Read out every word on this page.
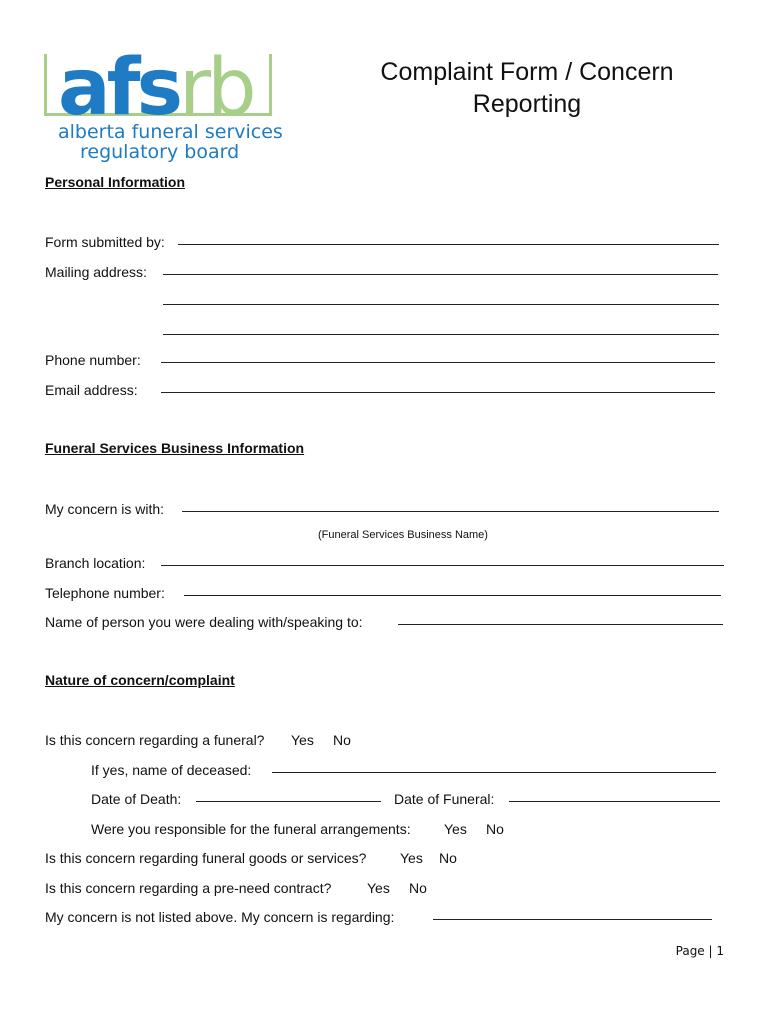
afsrb
alberta funeral services
regulatory board
Complaint Form / Concern Reporting
Personal Information
Form submitted by:
Mailing address:
Phone number:
Email address:
Funeral Services Business Information
My concern is with:
(Funeral Services Business Name)
Branch location:
Telephone number:
Name of person you were dealing with/speaking to:
Nature of concern/complaint
Is this concern regarding a funeral? Yes No
If yes, name of deceased:
Date of Death:	Date of Funeral:
Were you responsible for the funeral arrangements: Yes No
Is this concern regarding funeral goods or services? Yes No
Is this concern regarding a pre-need contract?	Yes No
My concern is not listed above. My concern is regarding:
Page | 1
